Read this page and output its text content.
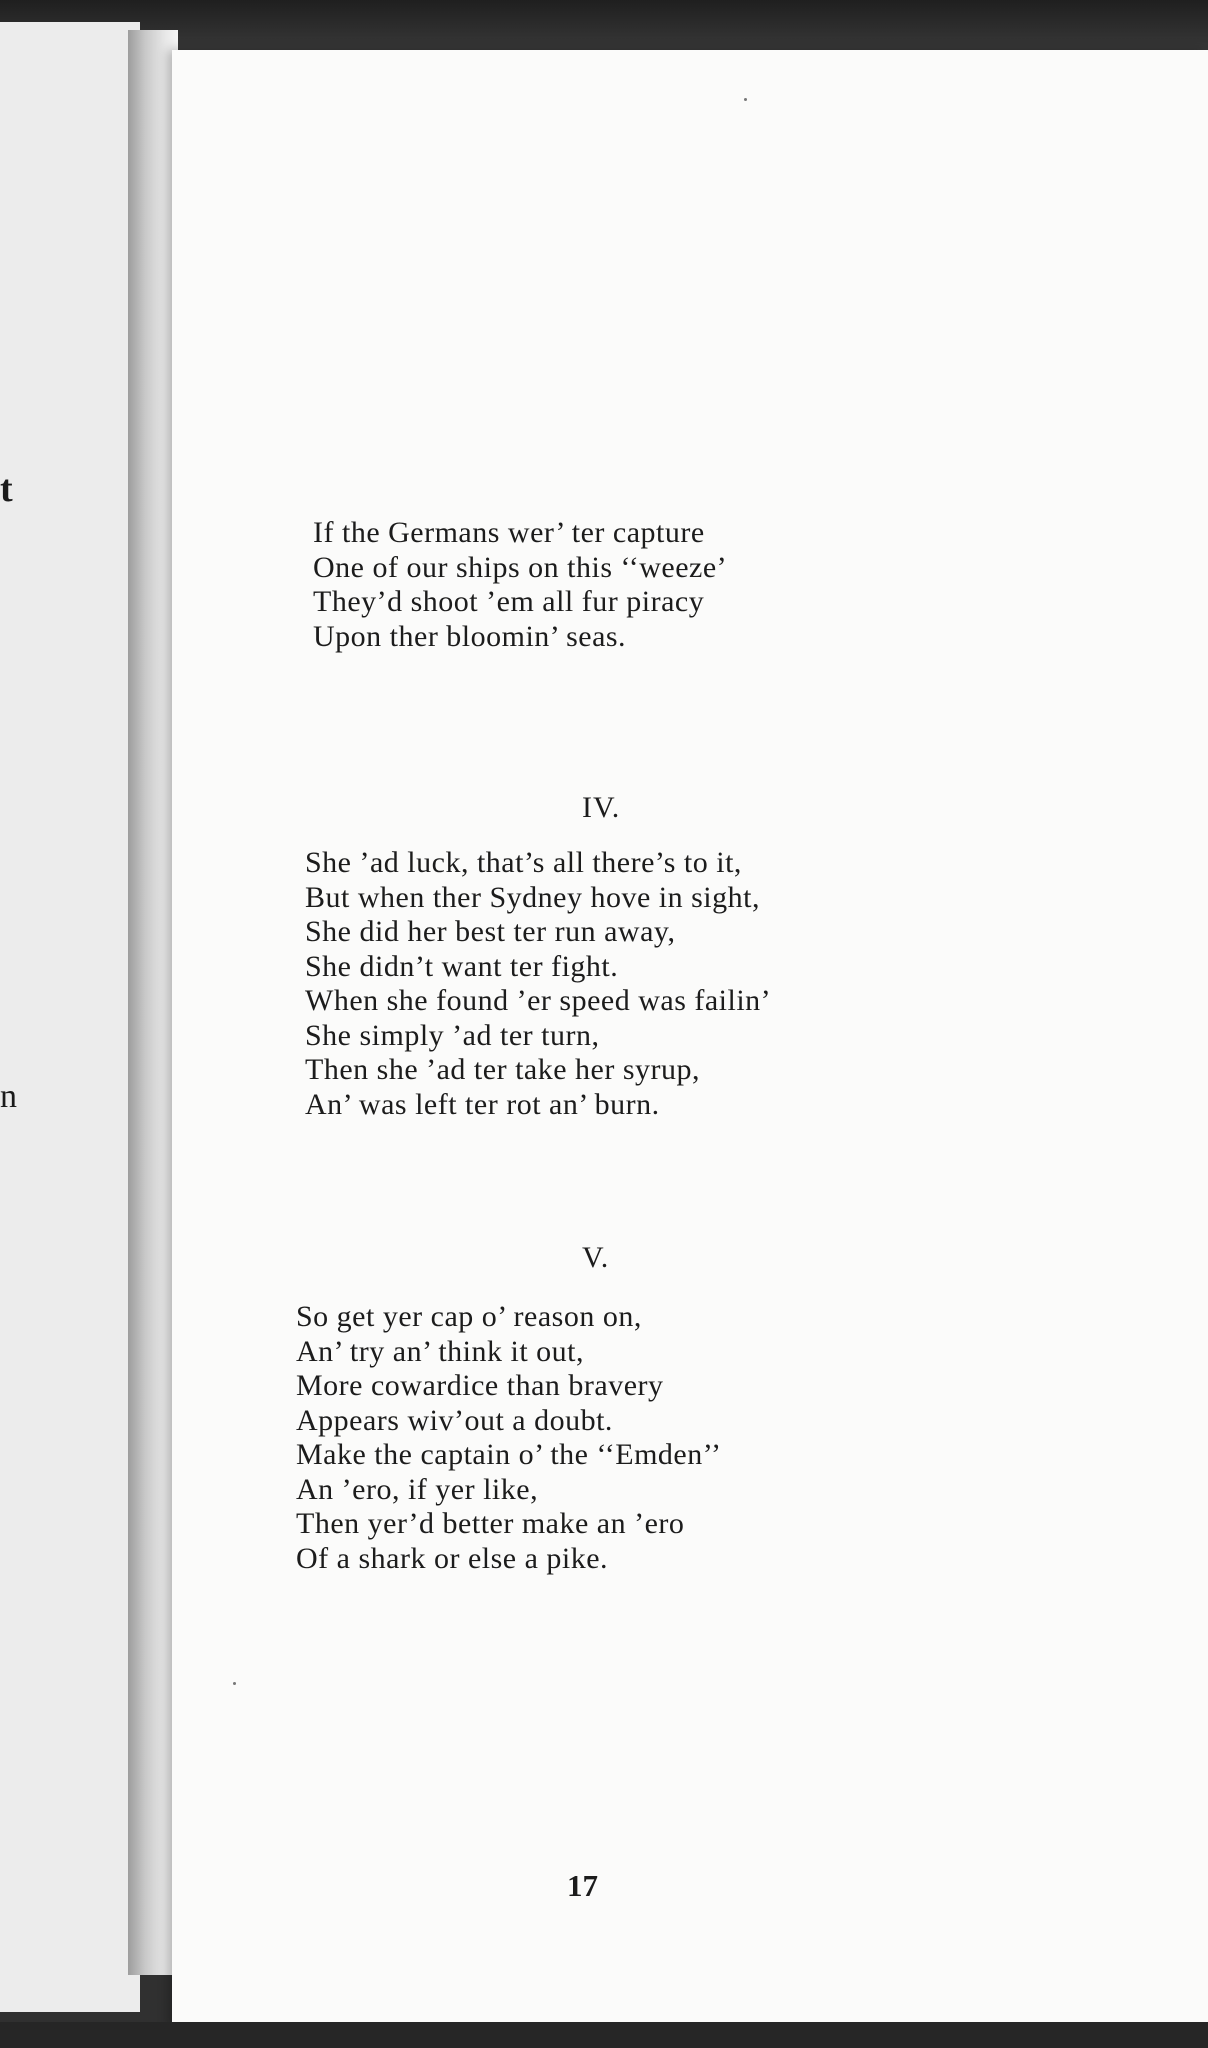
t
n

If the Germans wer’ ter capture
One of our ships on this ‘‘weeze’
They’d shoot ’em all fur piracy
Upon ther bloomin’ seas.

IV.

She ’ad luck, that’s all there’s to it,
But when ther Sydney hove in sight,
She did her best ter run away,
She didn’t want ter fight.
When she found ’er speed was failin’
She simply ’ad ter turn,
Then she ’ad ter take her syrup,
An’ was left ter rot an’ burn.

V.

So get yer cap o’ reason on,
An’ try an’ think it out,
More cowardice than bravery
Appears wiv’out a doubt.
Make the captain o’ the ‘‘Emden’’
An ’ero, if yer like,
Then yer’d better make an ’ero
Of a shark or else a pike.

17
